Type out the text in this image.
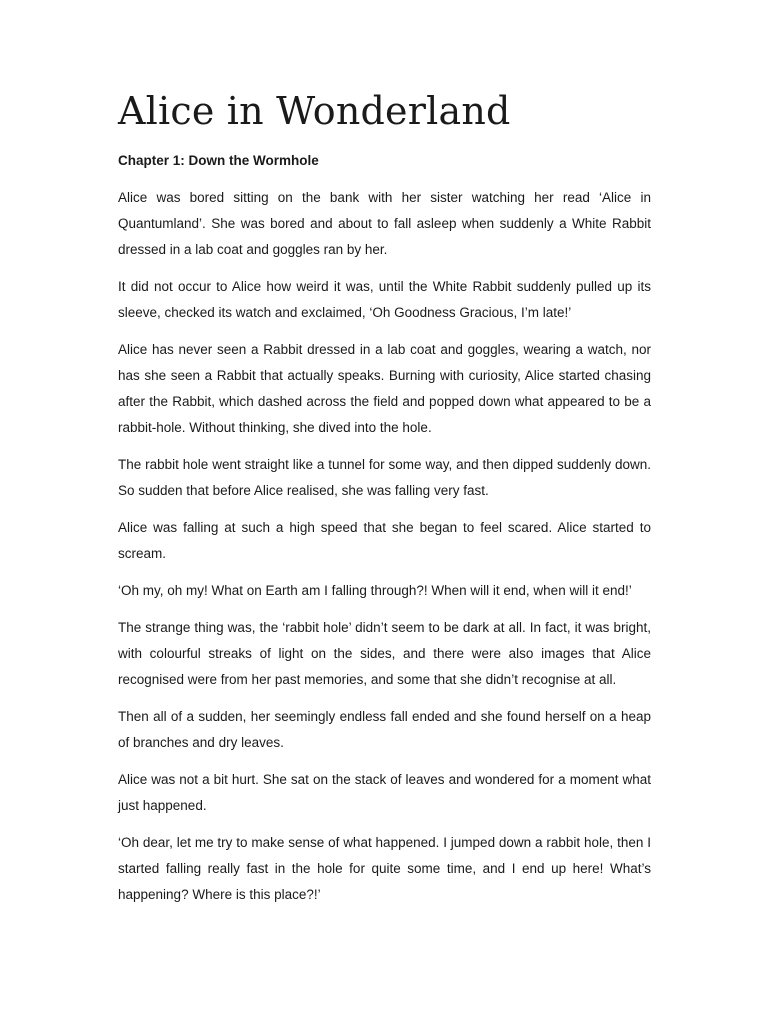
Alice in Wonderland
Chapter 1: Down the Wormhole

Alice was bored sitting on the bank with her sister watching her read ‘Alice in Quantumland’. She was bored and about to fall asleep when suddenly a White Rabbit dressed in a lab coat and goggles ran by her.

It did not occur to Alice how weird it was, until the White Rabbit suddenly pulled up its sleeve, checked its watch and exclaimed, ‘Oh Goodness Gracious, I’m late!’

Alice has never seen a Rabbit dressed in a lab coat and goggles, wearing a watch, nor has she seen a Rabbit that actually speaks. Burning with curiosity, Alice started chasing after the Rabbit, which dashed across the field and popped down what appeared to be a rabbit-hole. Without thinking, she dived into the hole.

The rabbit hole went straight like a tunnel for some way, and then dipped suddenly down. So sudden that before Alice realised, she was falling very fast.

Alice was falling at such a high speed that she began to feel scared. Alice started to scream.

‘Oh my, oh my! What on Earth am I falling through?! When will it end, when will it end!’

The strange thing was, the ‘rabbit hole’ didn’t seem to be dark at all. In fact, it was bright, with colourful streaks of light on the sides, and there were also images that Alice recognised were from her past memories, and some that she didn’t recognise at all.

Then all of a sudden, her seemingly endless fall ended and she found herself on a heap of branches and dry leaves.

Alice was not a bit hurt. She sat on the stack of leaves and wondered for a moment what just happened.

‘Oh dear, let me try to make sense of what happened. I jumped down a rabbit hole, then I started falling really fast in the hole for quite some time, and I end up here! What’s happening? Where is this place?!’
